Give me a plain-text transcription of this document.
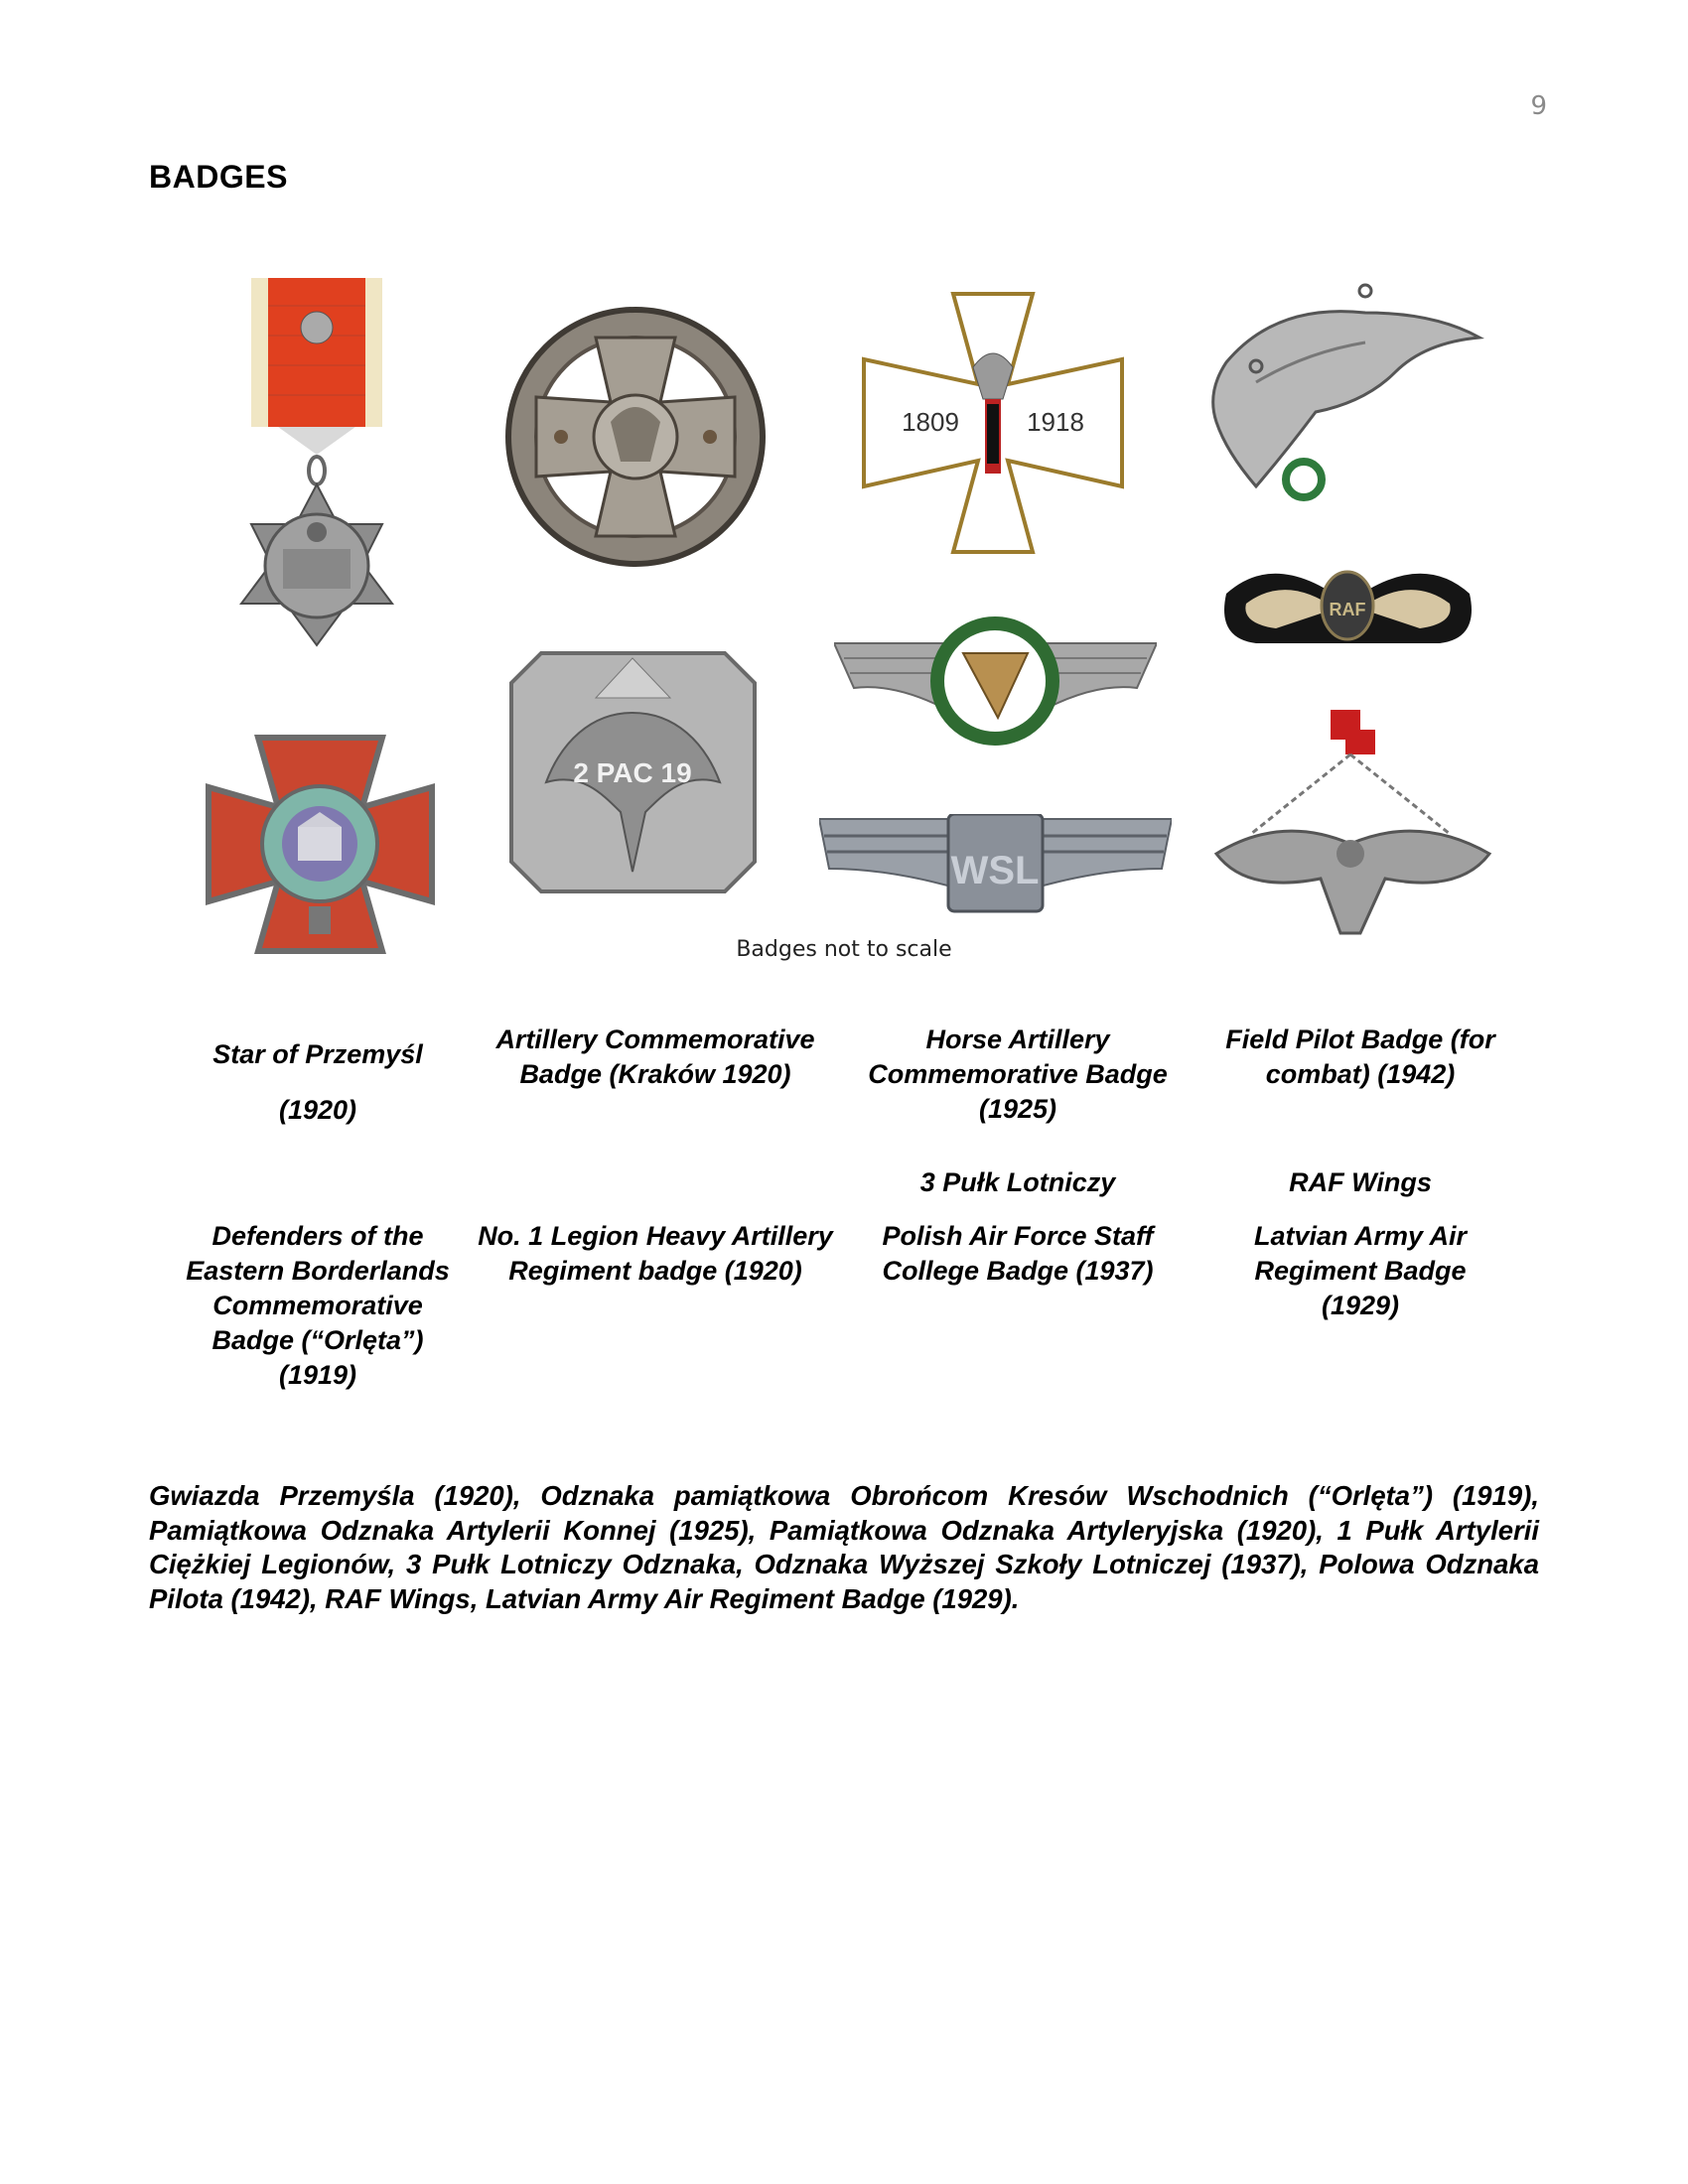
9
BADGES
2 PAC 19
1809	1918
WSL
RAF
Badges not to scale
Star of Przemyśl
(1920)
Artillery Commemorative Badge (Kraków 1920)
Horse Artillery Commemorative Badge (1925)
Field Pilot Badge (for combat) (1942)
3 Pułk Lotniczy	RAF Wings
Defenders of the Eastern Borderlands Commemorative Badge (“Orlęta”) (1919)
No. 1 Legion Heavy Artillery Regiment badge (1920)
Polish Air Force Staff College Badge (1937)
Latvian Army Air Regiment Badge (1929)
Gwiazda Przemyśla (1920), Odznaka pamiątkowa Obrońcom Kresów Wschodnich (“Orlęta”) (1919), Pamiątkowa Odznaka Artylerii Konnej (1925), Pamiątkowa Odznaka Artyleryjska (1920), 1 Pułk Artylerii Ciężkiej Legionów, 3 Pułk Lotniczy Odznaka, Odznaka Wyższej Szkoły Lotniczej (1937), Polowa Odznaka Pilota (1942), RAF Wings, Latvian Army Air Regiment Badge (1929).
